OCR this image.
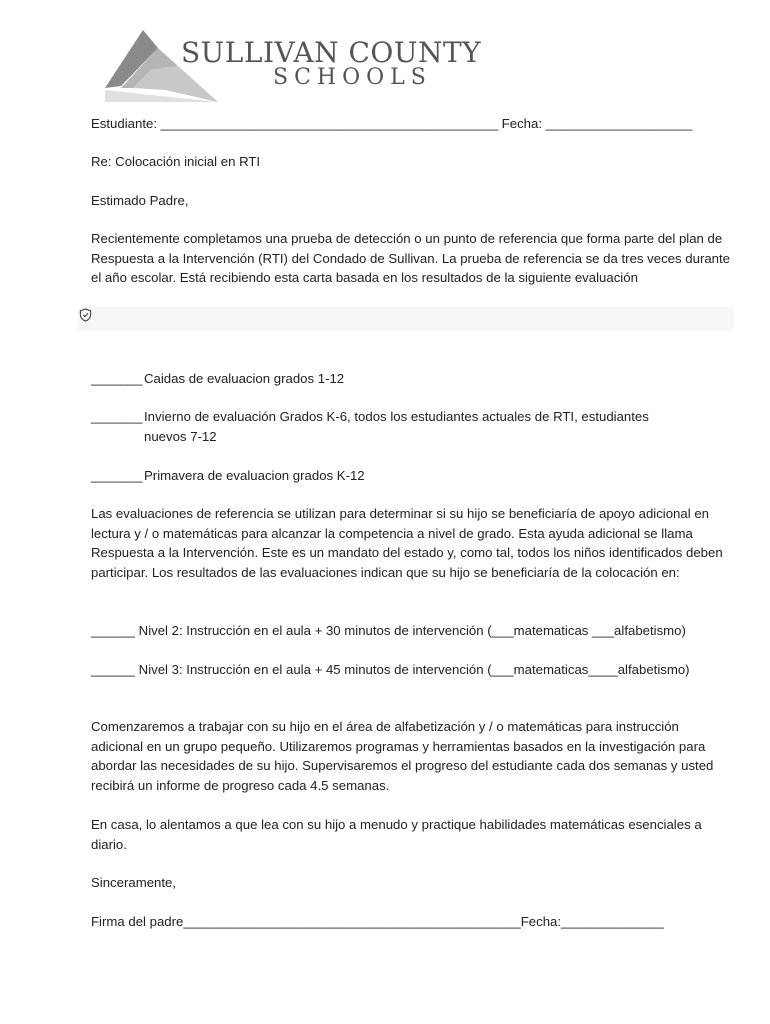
SULLIVAN COUNTY
SCHOOLS
Estudiante: ______________________________________________ Fecha: ____________________
Re: Colocación inicial en RTI
Estimado Padre,
Recientemente completamos una prueba de detección o un punto de referencia que forma parte del plan de Respuesta a la Intervención (RTI) del Condado de Sullivan. La prueba de referencia se da tres veces durante el año escolar. Está recibiendo esta carta basada en los resultados de la siguiente evaluación
_______ Caidas de evaluacion grados 1-12
_______ Invierno de evaluación Grados K-6, todos los estudiantes actuales de RTI, estudiantes
nuevos 7-12
_______ Primavera de evaluacion grados K-12
Las evaluaciones de referencia se utilizan para determinar si su hijo se beneficiaría de apoyo adicional en lectura y / o matemáticas para alcanzar la competencia a nivel de grado. Esta ayuda adicional se llama Respuesta a la Intervención. Este es un mandato del estado y, como tal, todos los niños identificados deben participar. Los resultados de las evaluaciones indican que su hijo se beneficiaría de la colocación en:
______ Nivel 2: Instrucción en el aula + 30 minutos de intervención (___matematicas ___alfabetismo)
______ Nivel 3: Instrucción en el aula + 45 minutos de intervención (___matematicas____alfabetismo)
Comenzaremos a trabajar con su hijo en el área de alfabetización y / o matemáticas para instrucción adicional en un grupo pequeño. Utilizaremos programas y herramientas basados en la investigación para abordar las necesidades de su hijo. Supervisaremos el progreso del estudiante cada dos semanas y usted recibirá un informe de progreso cada 4.5 semanas.
En casa, lo alentamos a que lea con su hijo a menudo y practique habilidades matemáticas esenciales a diario.
Sinceramente,
Firma del padre______________________________________________Fecha:______________
